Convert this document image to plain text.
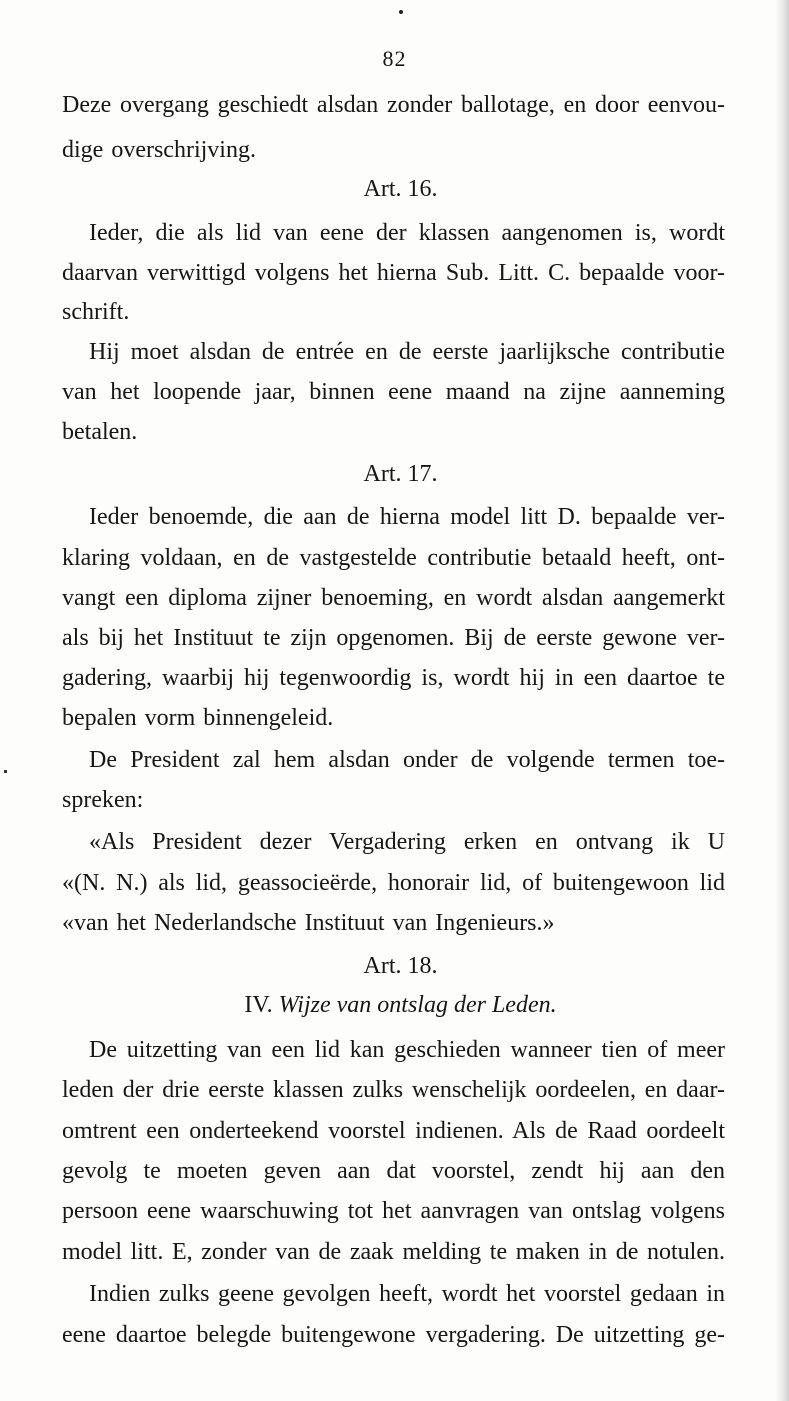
82
Deze overgang geschiedt alsdan zonder ballotage, en door eenvou-
dige overschrijving.
Art. 16.
Ieder, die als lid van eene der klassen aangenomen is, wordt
daarvan verwittigd volgens het hierna Sub. Litt. C. bepaalde voor-
schrift.
Hij moet alsdan de entrée en de eerste jaarlijksche contributie
van het loopende jaar, binnen eene maand na zijne aanneming
betalen.
Art. 17.
Ieder benoemde, die aan de hierna model litt D. bepaalde ver-
klaring voldaan, en de vastgestelde contributie betaald heeft, ont-
vangt een diploma zijner benoeming, en wordt alsdan aangemerkt
als bij het Instituut te zijn opgenomen. Bij de eerste gewone ver-
gadering, waarbij hij tegenwoordig is, wordt hij in een daartoe te
bepalen vorm binnengeleid.
De President zal hem alsdan onder de volgende termen toe-
spreken:
«Als President dezer Vergadering erken en ontvang ik U
«(N. N.) als lid, geassocieërde, honorair lid, of buitengewoon lid
«van het Nederlandsche Instituut van Ingenieurs.»
Art. 18.
IV. Wijze van ontslag der Leden.
De uitzetting van een lid kan geschieden wanneer tien of meer
leden der drie eerste klassen zulks wenschelijk oordeelen, en daar-
omtrent een onderteekend voorstel indienen. Als de Raad oordeelt
gevolg te moeten geven aan dat voorstel, zendt hij aan den
persoon eene waarschuwing tot het aanvragen van ontslag volgens
model litt. E, zonder van de zaak melding te maken in de notulen.
Indien zulks geene gevolgen heeft, wordt het voorstel gedaan in
eene daartoe belegde buitengewone vergadering. De uitzetting ge-
